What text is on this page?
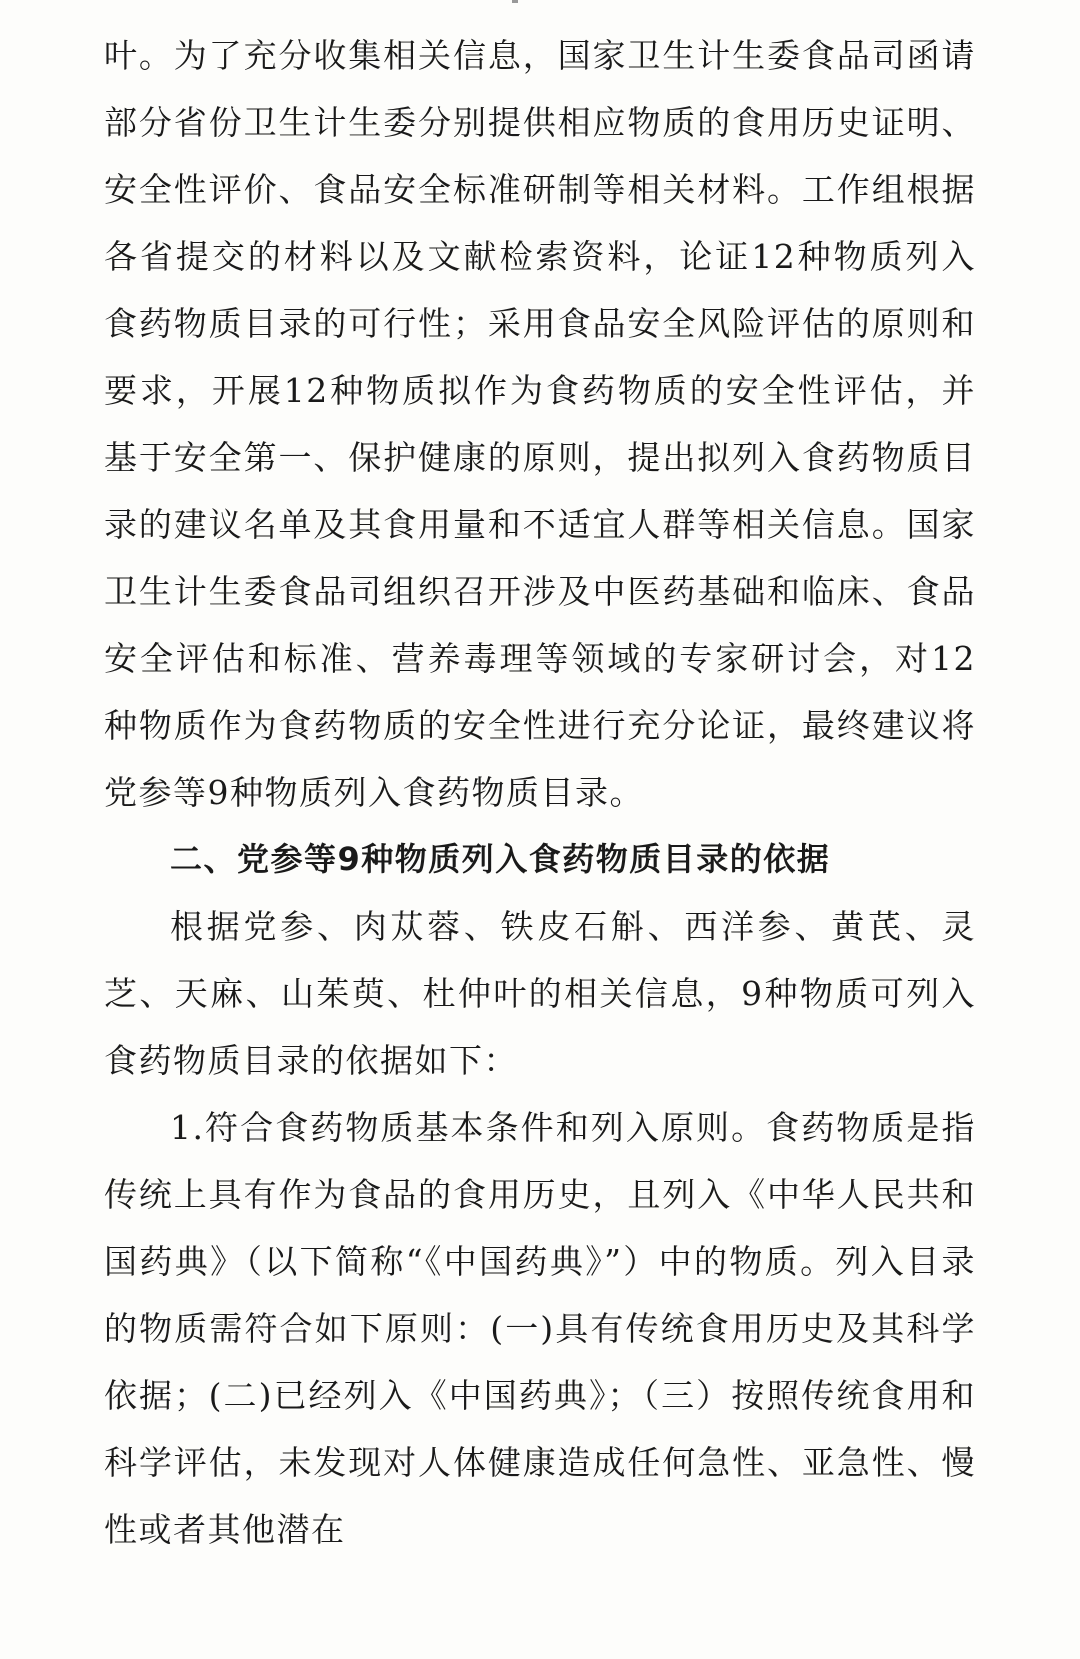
叶。为了充分收集相关信息，国家卫生计生委食品司函请部分省份卫生计生委分别提供相应物质的食用历史证明、安全性评价、食品安全标准研制等相关材料。工作组根据各省提交的材料以及文献检索资料，论证12种物质列入食药物质目录的可行性；采用食品安全风险评估的原则和要求，开展12种物质拟作为食药物质的安全性评估，并基于安全第一、保护健康的原则，提出拟列入食药物质目录的建议名单及其食用量和不适宜人群等相关信息。国家卫生计生委食品司组织召开涉及中医药基础和临床、食品安全评估和标准、营养毒理等领域的专家研讨会，对12种物质作为食药物质的安全性进行充分论证，最终建议将党参等9种物质列入食药物质目录。

二、党参等9种物质列入食药物质目录的依据

根据党参、肉苁蓉、铁皮石斛、西洋参、黄芪、灵芝、天麻、山茱萸、杜仲叶的相关信息，9种物质可列入食药物质目录的依据如下：

1.符合食药物质基本条件和列入原则。食药物质是指传统上具有作为食品的食用历史，且列入《中华人民共和国药典》（以下简称“《中国药典》”）中的物质。列入目录的物质需符合如下原则：(一)具有传统食用历史及其科学依据；(二)已经列入《中国药典》；（三）按照传统食用和科学评估，未发现对人体健康造成任何急性、亚急性、慢性或者其他潜在
